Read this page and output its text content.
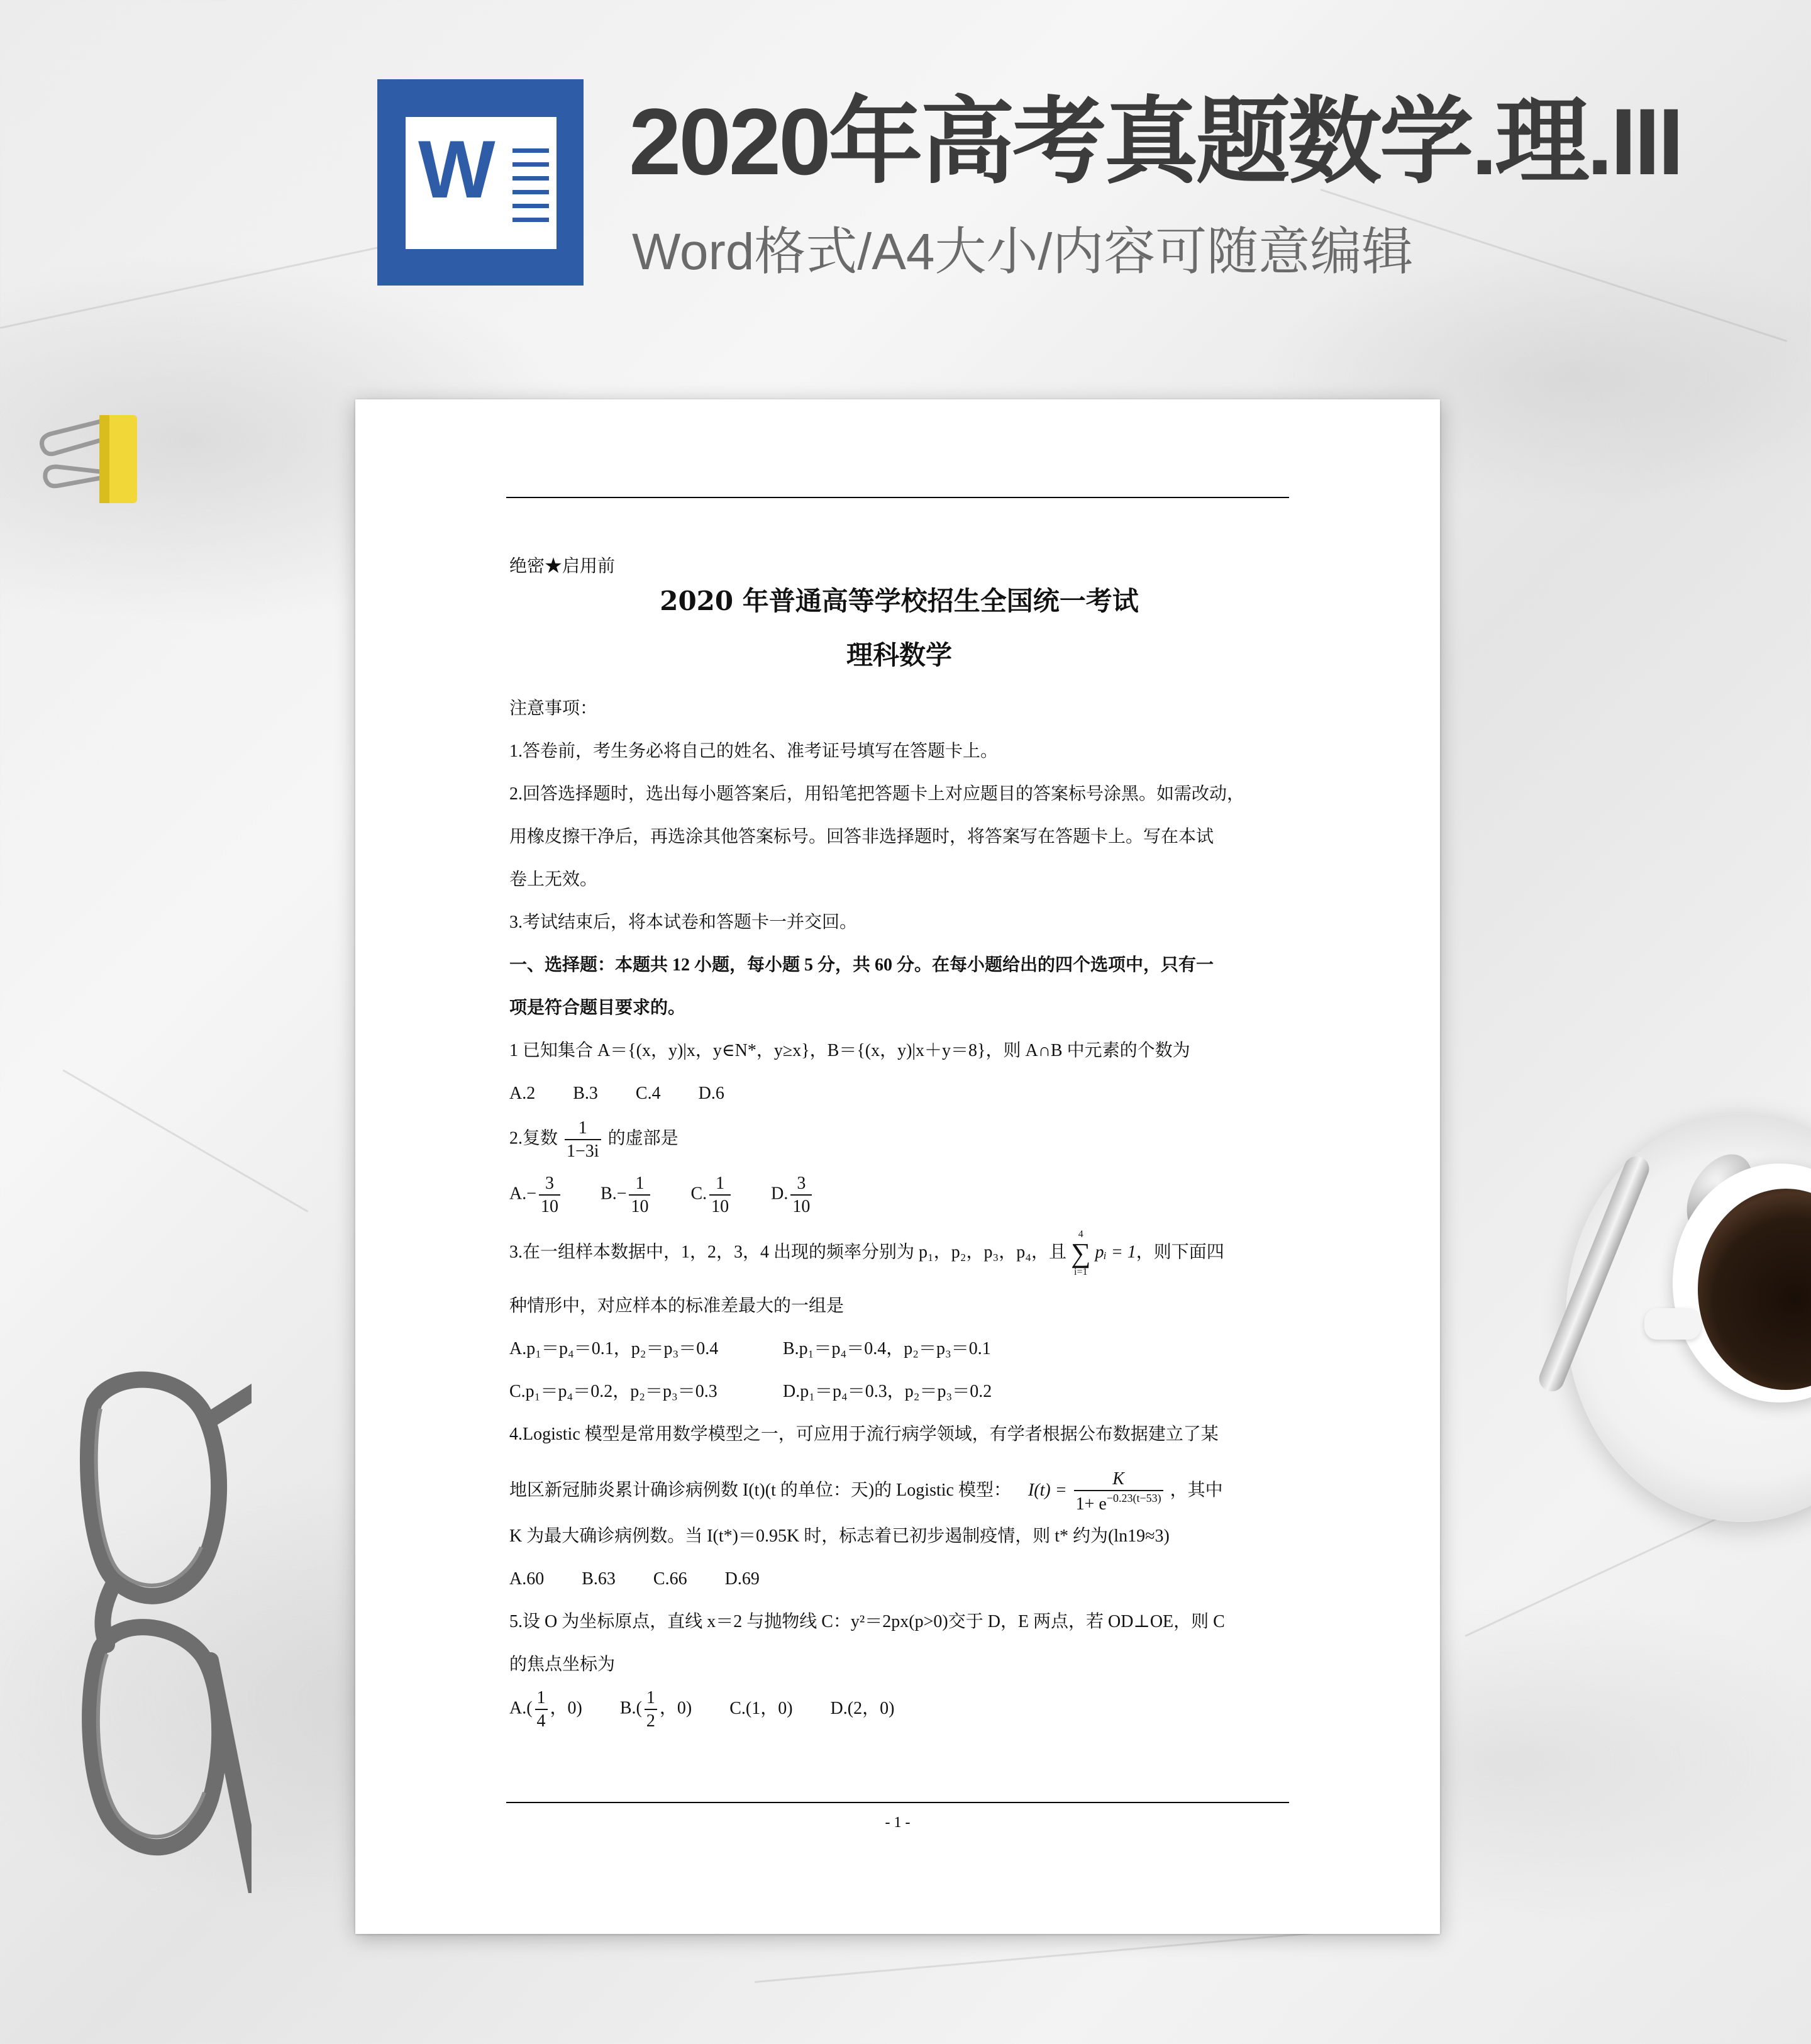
W 2020年高考真题数学.理.III
Word格式/A4大小/内容可随意编辑
绝密★启用前
2020 年普通高等学校招生全国统一考试
理科数学
注意事项：
1.答卷前，考生务必将自己的姓名、准考证号填写在答题卡上。
2.回答选择题时，选出每小题答案后，用铅笔把答题卡上对应题目的答案标号涂黑。如需改动，
用橡皮擦干净后，再选涂其他答案标号。回答非选择题时，将答案写在答题卡上。写在本试
卷上无效。
3.考试结束后，将本试卷和答题卡一并交回。
一、选择题：本题共 12 小题，每小题 5 分，共 60 分。在每小题给出的四个选项中，只有一
项是符合题目要求的。
1 已知集合 A＝{(x，y)|x，y∈N*，y≥x}，B＝{(x，y)|x＋y＝8}，则 A∩B 中元素的个数为
A.2 B.3 C.4 D.6
2.复数 $\frac{1}{1-3i}$ 的虚部是
$A.- \frac{3}{10} B.- \frac{1}{10} C$. $\frac{1}{10} D$. $\frac{3}{10}$
3.在一组样本数据中，1，2，3，4 出现的频率分别为 p₁，p₂，p₃，p₄，且
4
∑
i=1
pᵢ = 1，则下面四
种情形中，对应样本的标准差最大的一组是
A.p₁＝p₄＝0.1，p₂＝p₃＝0.4	B.p₁＝p₄＝0.4，p₂＝p₃＝0.1
C.p₁＝p₄＝0.2，p₂＝p₃＝0.3	D.p₁＝p₄＝0.3，p₂＝p₃＝0.2
4.Logistic 模型是常用数学模型之一，可应用于流行病学领域，有学者根据公布数据建立了某
地区新冠肺炎累计确诊病例数 I(t)(t 的单位：天)的 Logistic 模型： $I(t) = \frac{K}{1+ e^{-0.23(t-53)}}$ ，其中
K 为最大确诊病例数。当 I(t*)＝0.95K 时，标志着已初步遏制疫情，则 t* 约为(ln19≈3)
A.60 B.63 C.66 D.69
5.设 O 为坐标原点，直线 x＝2 与抛物线 C：y²＝2px(p>0)交于 D，E 两点，若 OD⊥OE，则 C
的焦点坐标为
$A.( \frac{1}{4}$ ，0) $B.( \frac{1}{2}$ ，0) C.(1，0) D.(2，0)
- 1 -
